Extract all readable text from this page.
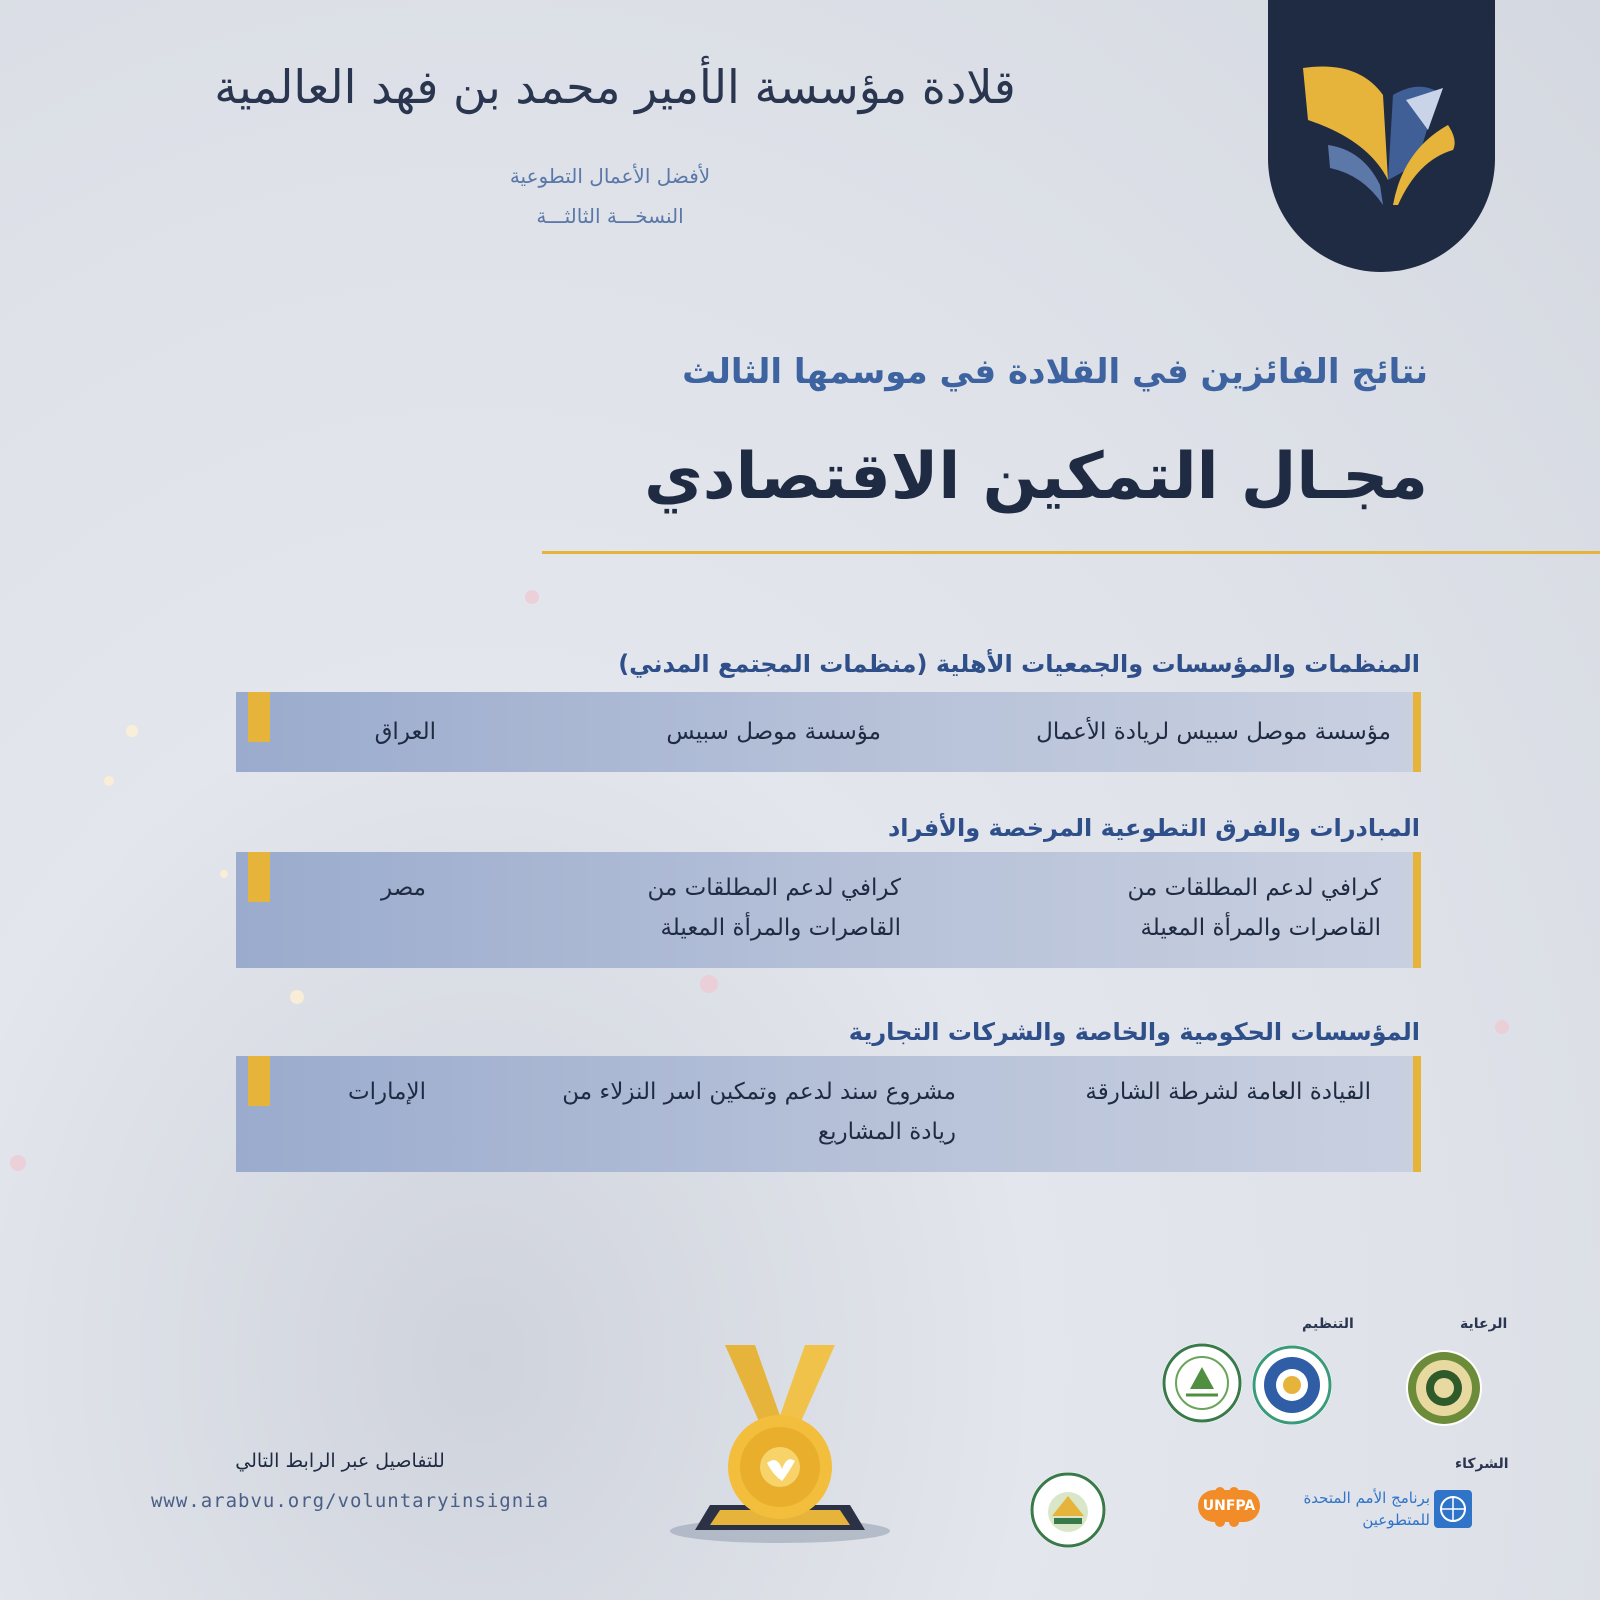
قلادة مؤسسة الأمير محمد بن فهد العالمية
لأفضل الأعمال التطوعية
النسخـــة الثالثـــة
نتائج الفائزين في القلادة في موسمها الثالث
مجـال التمكين الاقتصادي
المنظمات والمؤسسات والجمعيات الأهلية (منظمات المجتمع المدني)
مؤسسة موصل سبيس لريادة الأعمال
مؤسسة موصل سبيس
العراق
المبادرات والفرق التطوعية المرخصة والأفراد
كرافي لدعم المطلقات من القاصرات والمرأة المعيلة
كرافي لدعم المطلقات من القاصرات والمرأة المعيلة
مصر
المؤسسات الحكومية والخاصة والشركات التجارية
القيادة العامة لشرطة الشارقة
مشروع سند لدعم وتمكين اسر النزلاء من ريادة المشاريع
الإمارات
للتفاصيل عبر الرابط التالي
www.arabvu.org/voluntaryinsignia
الرعاية
التنظيم
الشركاء
برنامج الأمم المتحدة للمتطوعين
UNFPA
